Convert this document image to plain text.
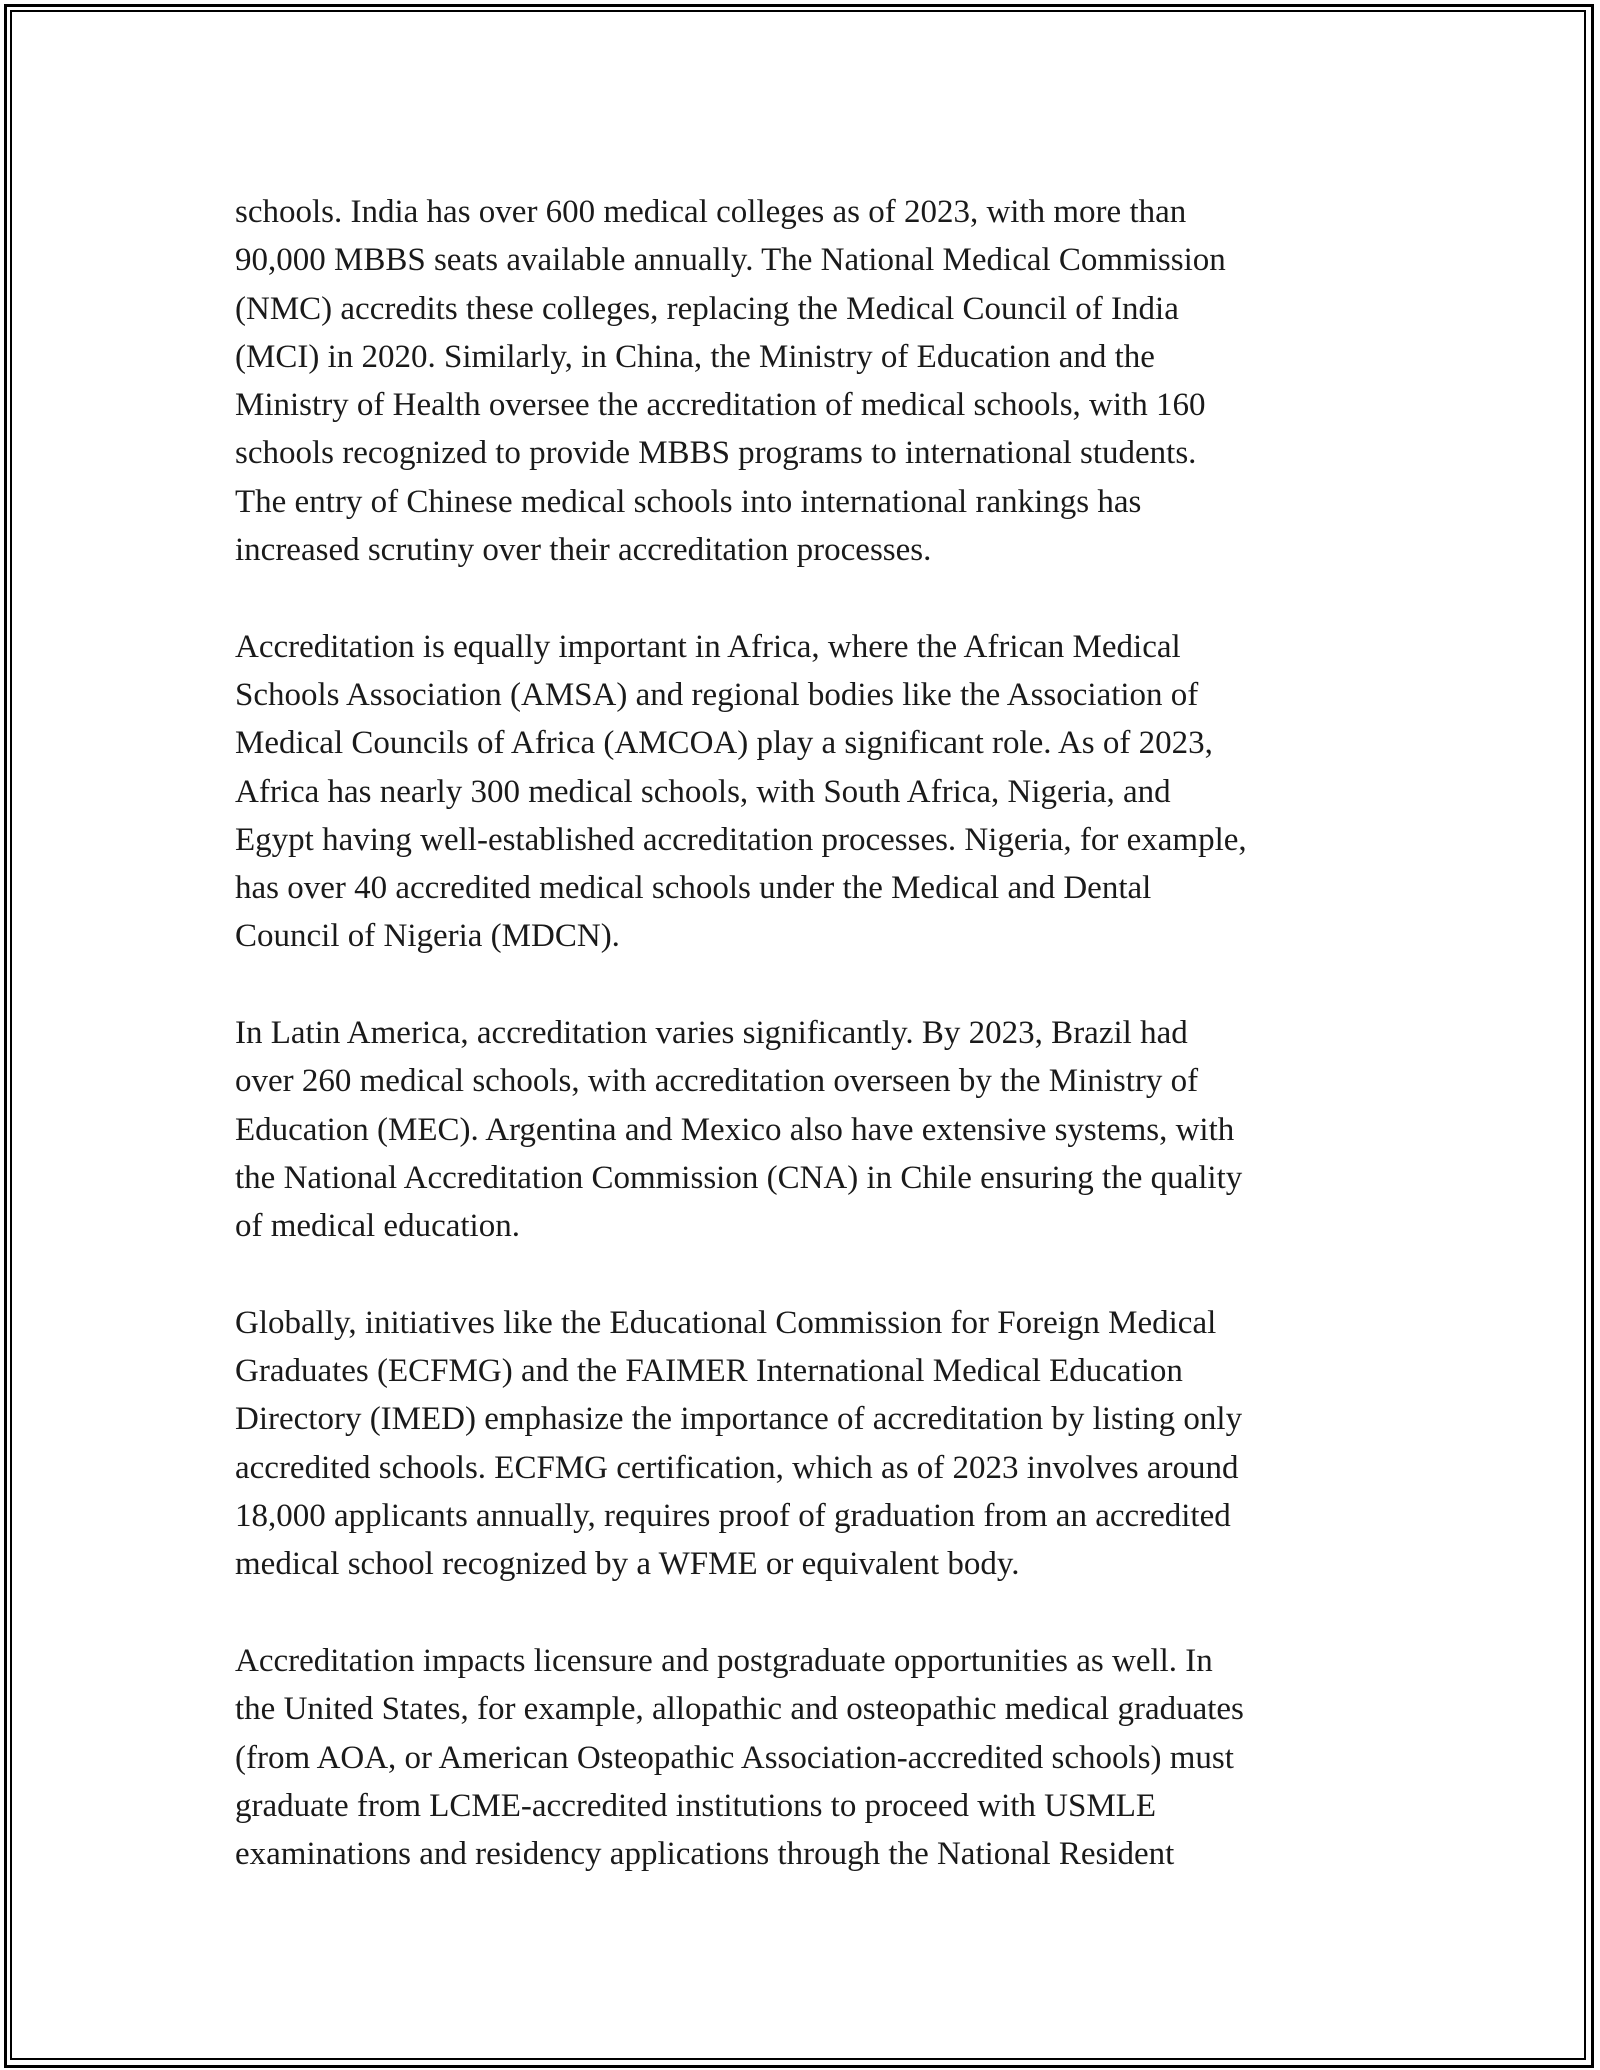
schools. India has over 600 medical colleges as of 2023, with more than
90,000 MBBS seats available annually. The National Medical Commission
(NMC) accredits these colleges, replacing the Medical Council of India
(MCI) in 2020. Similarly, in China, the Ministry of Education and the
Ministry of Health oversee the accreditation of medical schools, with 160
schools recognized to provide MBBS programs to international students.
The entry of Chinese medical schools into international rankings has
increased scrutiny over their accreditation processes.

Accreditation is equally important in Africa, where the African Medical
Schools Association (AMSA) and regional bodies like the Association of
Medical Councils of Africa (AMCOA) play a significant role. As of 2023,
Africa has nearly 300 medical schools, with South Africa, Nigeria, and
Egypt having well-established accreditation processes. Nigeria, for example,
has over 40 accredited medical schools under the Medical and Dental
Council of Nigeria (MDCN).

In Latin America, accreditation varies significantly. By 2023, Brazil had
over 260 medical schools, with accreditation overseen by the Ministry of
Education (MEC). Argentina and Mexico also have extensive systems, with
the National Accreditation Commission (CNA) in Chile ensuring the quality
of medical education.

Globally, initiatives like the Educational Commission for Foreign Medical
Graduates (ECFMG) and the FAIMER International Medical Education
Directory (IMED) emphasize the importance of accreditation by listing only
accredited schools. ECFMG certification, which as of 2023 involves around
18,000 applicants annually, requires proof of graduation from an accredited
medical school recognized by a WFME or equivalent body.

Accreditation impacts licensure and postgraduate opportunities as well. In
the United States, for example, allopathic and osteopathic medical graduates
(from AOA, or American Osteopathic Association-accredited schools) must
graduate from LCME-accredited institutions to proceed with USMLE
examinations and residency applications through the National Resident
